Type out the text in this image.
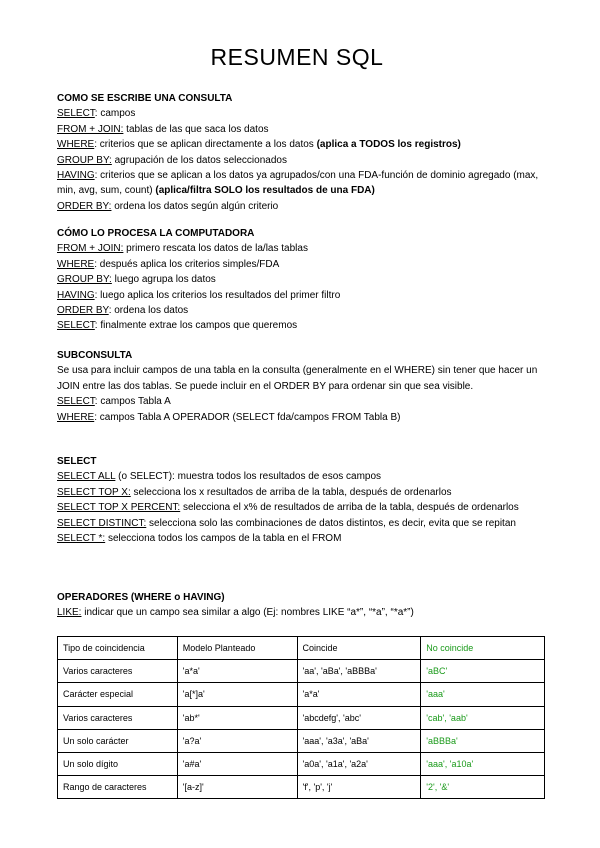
RESUMEN SQL

COMO SE ESCRIBE UNA CONSULTA

SELECT: campos

FROM + JOIN: tablas de las que saca los datos

WHERE: criterios que se aplican directamente a los datos (aplica a TODOS los registros)

GROUP BY: agrupación de los datos seleccionados

HAVING: criterios que se aplican a los datos ya agrupados/con una FDA-función de dominio agregado (max, min, avg, sum, count) (aplica/filtra SOLO los resultados de una FDA)

ORDER BY: ordena los datos según algún criterio

CÓMO LO PROCESA LA COMPUTADORA

FROM + JOIN: primero rescata los datos de la/las tablas

WHERE: después aplica los criterios simples/FDA

GROUP BY: luego agrupa los datos

HAVING: luego aplica los criterios los resultados del primer filtro

ORDER BY: ordena los datos

SELECT: finalmente extrae los campos que queremos

SUBCONSULTA

Se usa para incluir campos de una tabla en la consulta (generalmente en el WHERE) sin tener que hacer un JOIN entre las dos tablas. Se puede incluir en el ORDER BY para ordenar sin que sea visible.

SELECT: campos Tabla A

WHERE: campos Tabla A OPERADOR (SELECT fda/campos FROM Tabla B)

SELECT

SELECT ALL (o SELECT): muestra todos los resultados de esos campos

SELECT TOP X: selecciona los x resultados de arriba de la tabla, después de ordenarlos

SELECT TOP X PERCENT: selecciona el x% de resultados de arriba de la tabla, después de ordenarlos

SELECT DISTINCT: selecciona solo las combinaciones de datos distintos, es decir, evita que se repitan

SELECT *: selecciona todos los campos de la tabla en el FROM

OPERADORES (WHERE o HAVING)

LIKE: indicar que un campo sea similar a algo (Ej: nombres LIKE “a*”, “*a”, “*a*”)

Tipo de coincidencia	Modelo Planteado	Coincide	No coincide
Varios caracteres	'a*a'	'aa', 'aBa', 'aBBBa'	'aBC'
Carácter especial	'a[*]a'	'a*a'	'aaa'
Varios caracteres	'ab*'	'abcdefg', 'abc'	'cab', 'aab'
Un solo carácter	'a?a'	'aaa', 'a3a', 'aBa'	'aBBBa'
Un solo dígito	'a#a'	'a0a', 'a1a', 'a2a'	'aaa', 'a10a'
Rango de caracteres	'[a-z]'	'f', 'p', 'j'	'2', '&'
